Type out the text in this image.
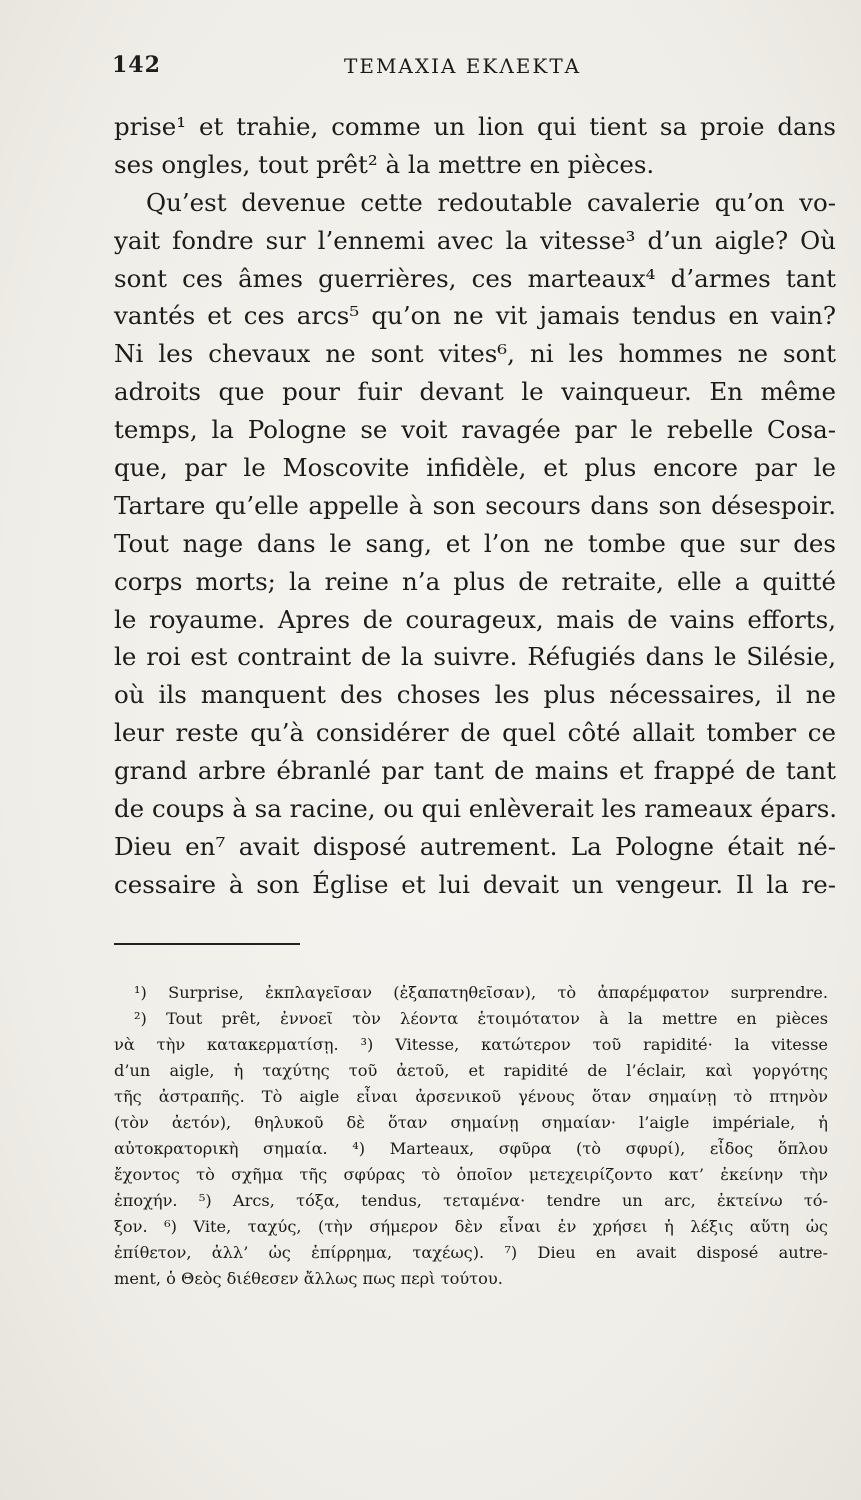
142	ΤΕΜΑΧΙΑ ΕΚΛΕΚΤΑ
prise¹ et trahie, comme un lion qui tient sa proie dans
ses ongles, tout prêt² à la mettre en pièces.
Qu’est devenue cette redoutable cavalerie qu’on vo-
yait fondre sur l’ennemi avec la vitesse³ d’un aigle? Où
sont ces âmes guerrières, ces marteaux⁴ d’armes tant
vantés et ces arcs⁵ qu’on ne vit jamais tendus en vain?
Ni les chevaux ne sont vites⁶, ni les hommes ne sont
adroits que pour fuir devant le vainqueur. En même
temps, la Pologne se voit ravagée par le rebelle Cosa-
que, par le Moscovite infidèle, et plus encore par le
Tartare qu’elle appelle à son secours dans son désespoir.
Tout nage dans le sang, et l’on ne tombe que sur des
corps morts; la reine n’a plus de retraite, elle a quitté
le royaume. Apres de courageux, mais de vains efforts,
le roi est contraint de la suivre. Réfugiés dans le Silésie,
où ils manquent des choses les plus nécessaires, il ne
leur reste qu’à considérer de quel côté allait tomber ce
grand arbre ébranlé par tant de mains et frappé de tant
de coups à sa racine, ou qui enlèverait les rameaux épars.
Dieu en⁷ avait disposé autrement. La Pologne était né-
cessaire à son Église et lui devait un vengeur. Il la re-
¹) Surprise, ἐκπλαγεῖσαν (ἐξαπατηθεῖσαν), τὸ ἀπαρέμφατον surprendre.
²) Tout prêt, ἐννοεῖ τὸν λέοντα ἑτοιμότατον à la mettre en pièces
νὰ τὴν κατακερματίσῃ. ³) Vitesse, κατώτερον τοῦ rapidité· la vitesse
d’un aigle, ἡ ταχύτης τοῦ ἀετοῦ, et rapidité de l’éclair, καὶ γοργότης
τῆς ἀστραπῆς. Τὸ aigle εἶναι ἀρσενικοῦ γένους ὅταν σημαίνῃ τὸ πτηνὸν
(τὸν ἀετόν), θηλυκοῦ δὲ ὅταν σημαίνῃ σημαίαν· l’aigle impériale, ἡ
αὐτοκρατορικὴ σημαία. ⁴) Marteaux, σφῦρα (τὸ σφυρί), εἶδος ὅπλου
ἔχοντος τὸ σχῆμα τῆς σφύρας τὸ ὁποῖον μετεχειρίζοντο κατ’ ἐκείνην τὴν
ἐποχήν. ⁵) Arcs, τόξα, tendus, τεταμένα· tendre un arc, ἐκτείνω τό-
ξον. ⁶) Vite, ταχύς, (τὴν σήμερον δὲν εἶναι ἐν χρήσει ἡ λέξις αὕτη ὡς
ἐπίθετον, ἀλλ’ ὡς ἐπίρρημα, ταχέως). ⁷) Dieu en avait disposé autre-
ment, ὁ Θεὸς διέθεσεν ἄλλως πως περὶ τούτου.
